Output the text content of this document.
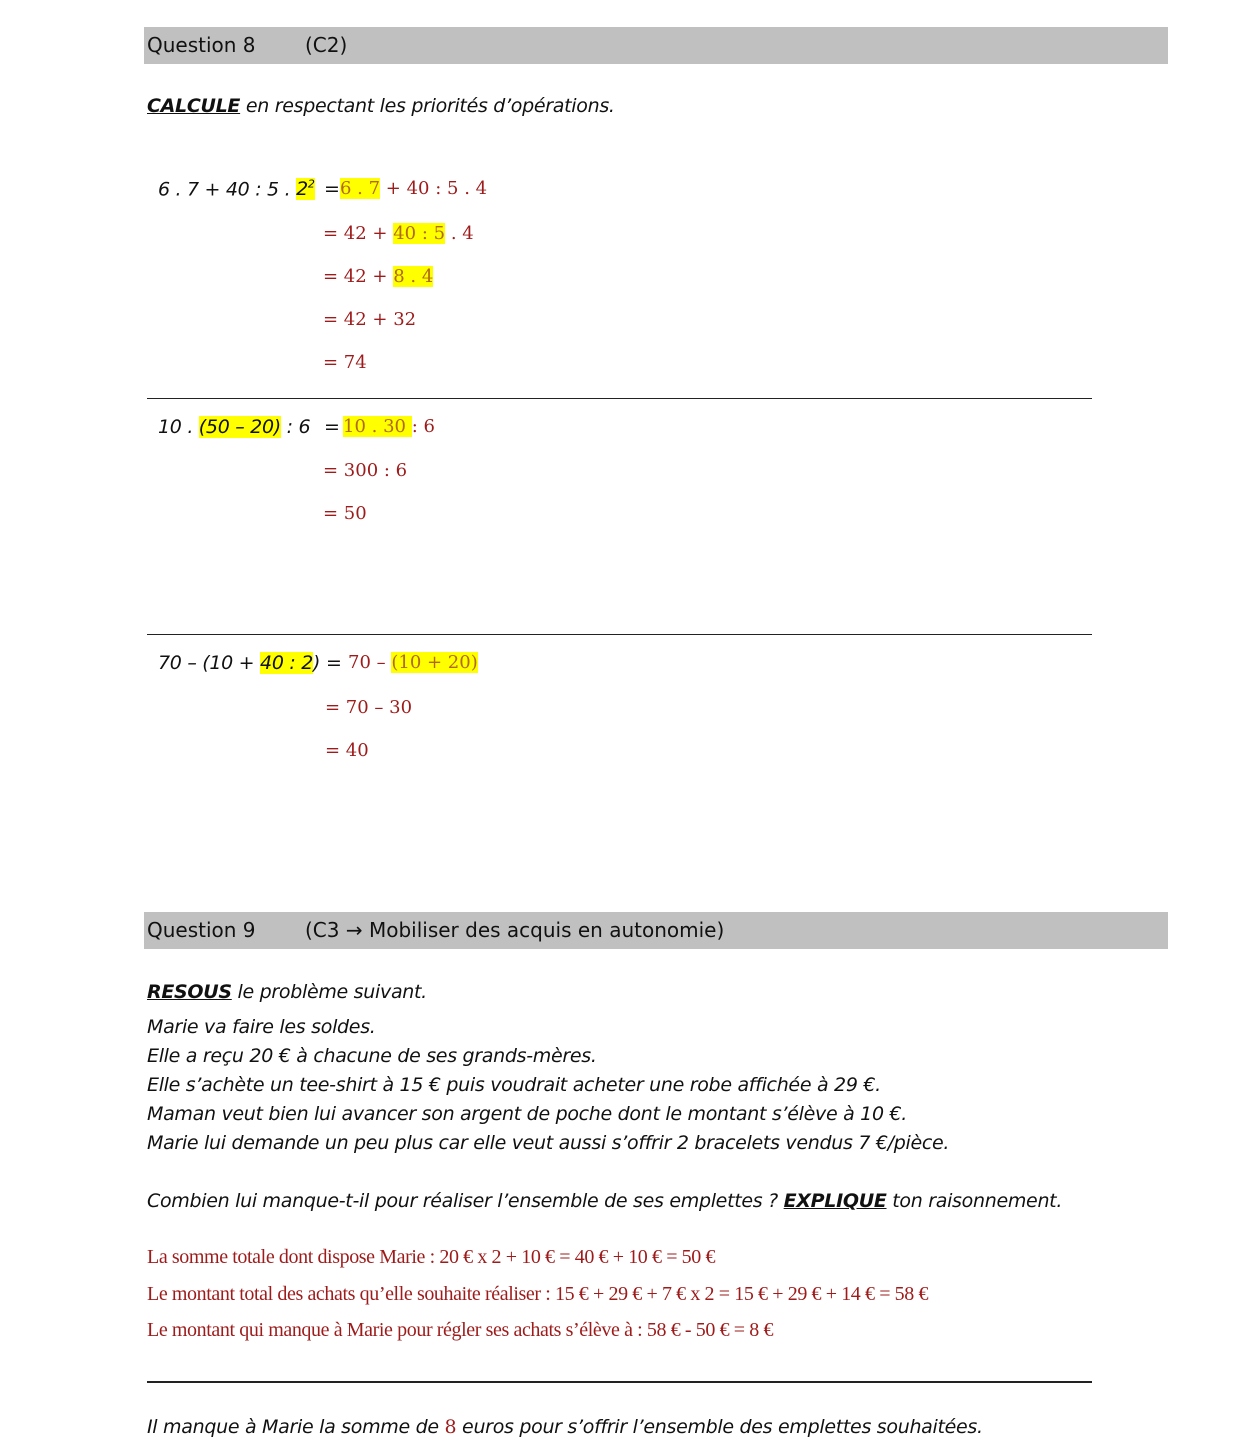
Question 8 (C2)
CALCULE en respectant les priorités d’opérations.
6 . 7 + 40 : 5 . $2^2 = 6$ . 7 + 40 : 5 . 4
= 42 + 40 : 5 . 4
= 42 + 8 . 4
= 42 + 32
= 74
10 . (50 – 20) : 6 = 10 . 30 : 6
= 300 : 6
= 50
70 – (10 + 40 : 2) = 70 – (10 + 20)
= 70 – 30
= 40
Question 9 (C3 → Mobiliser des acquis en autonomie)
RESOUS le problème suivant.
Marie va faire les soldes.
Elle a reçu 20 € à chacune de ses grands-mères.
Elle s’achète un tee-shirt à 15 € puis voudrait acheter une robe affichée à 29 €.
Maman veut bien lui avancer son argent de poche dont le montant s’élève à 10 €.
Marie lui demande un peu plus car elle veut aussi s’offrir 2 bracelets vendus 7 €/pièce.
Combien lui manque-t-il pour réaliser l’ensemble de ses emplettes ? EXPLIQUE ton raisonnement.
La somme totale dont dispose Marie : 20 € x 2 + 10 € = 40 € + 10 € = 50 €
Le montant total des achats qu’elle souhaite réaliser : 15 € + 29 € + 7 € x 2 = 15 € + 29 € + 14 € = 58 €
Le montant qui manque à Marie pour régler ses achats s’élève à : 58 € - 50 € = 8 €
Il manque à Marie la somme de 8 euros pour s’offrir l’ensemble des emplettes souhaitées.
